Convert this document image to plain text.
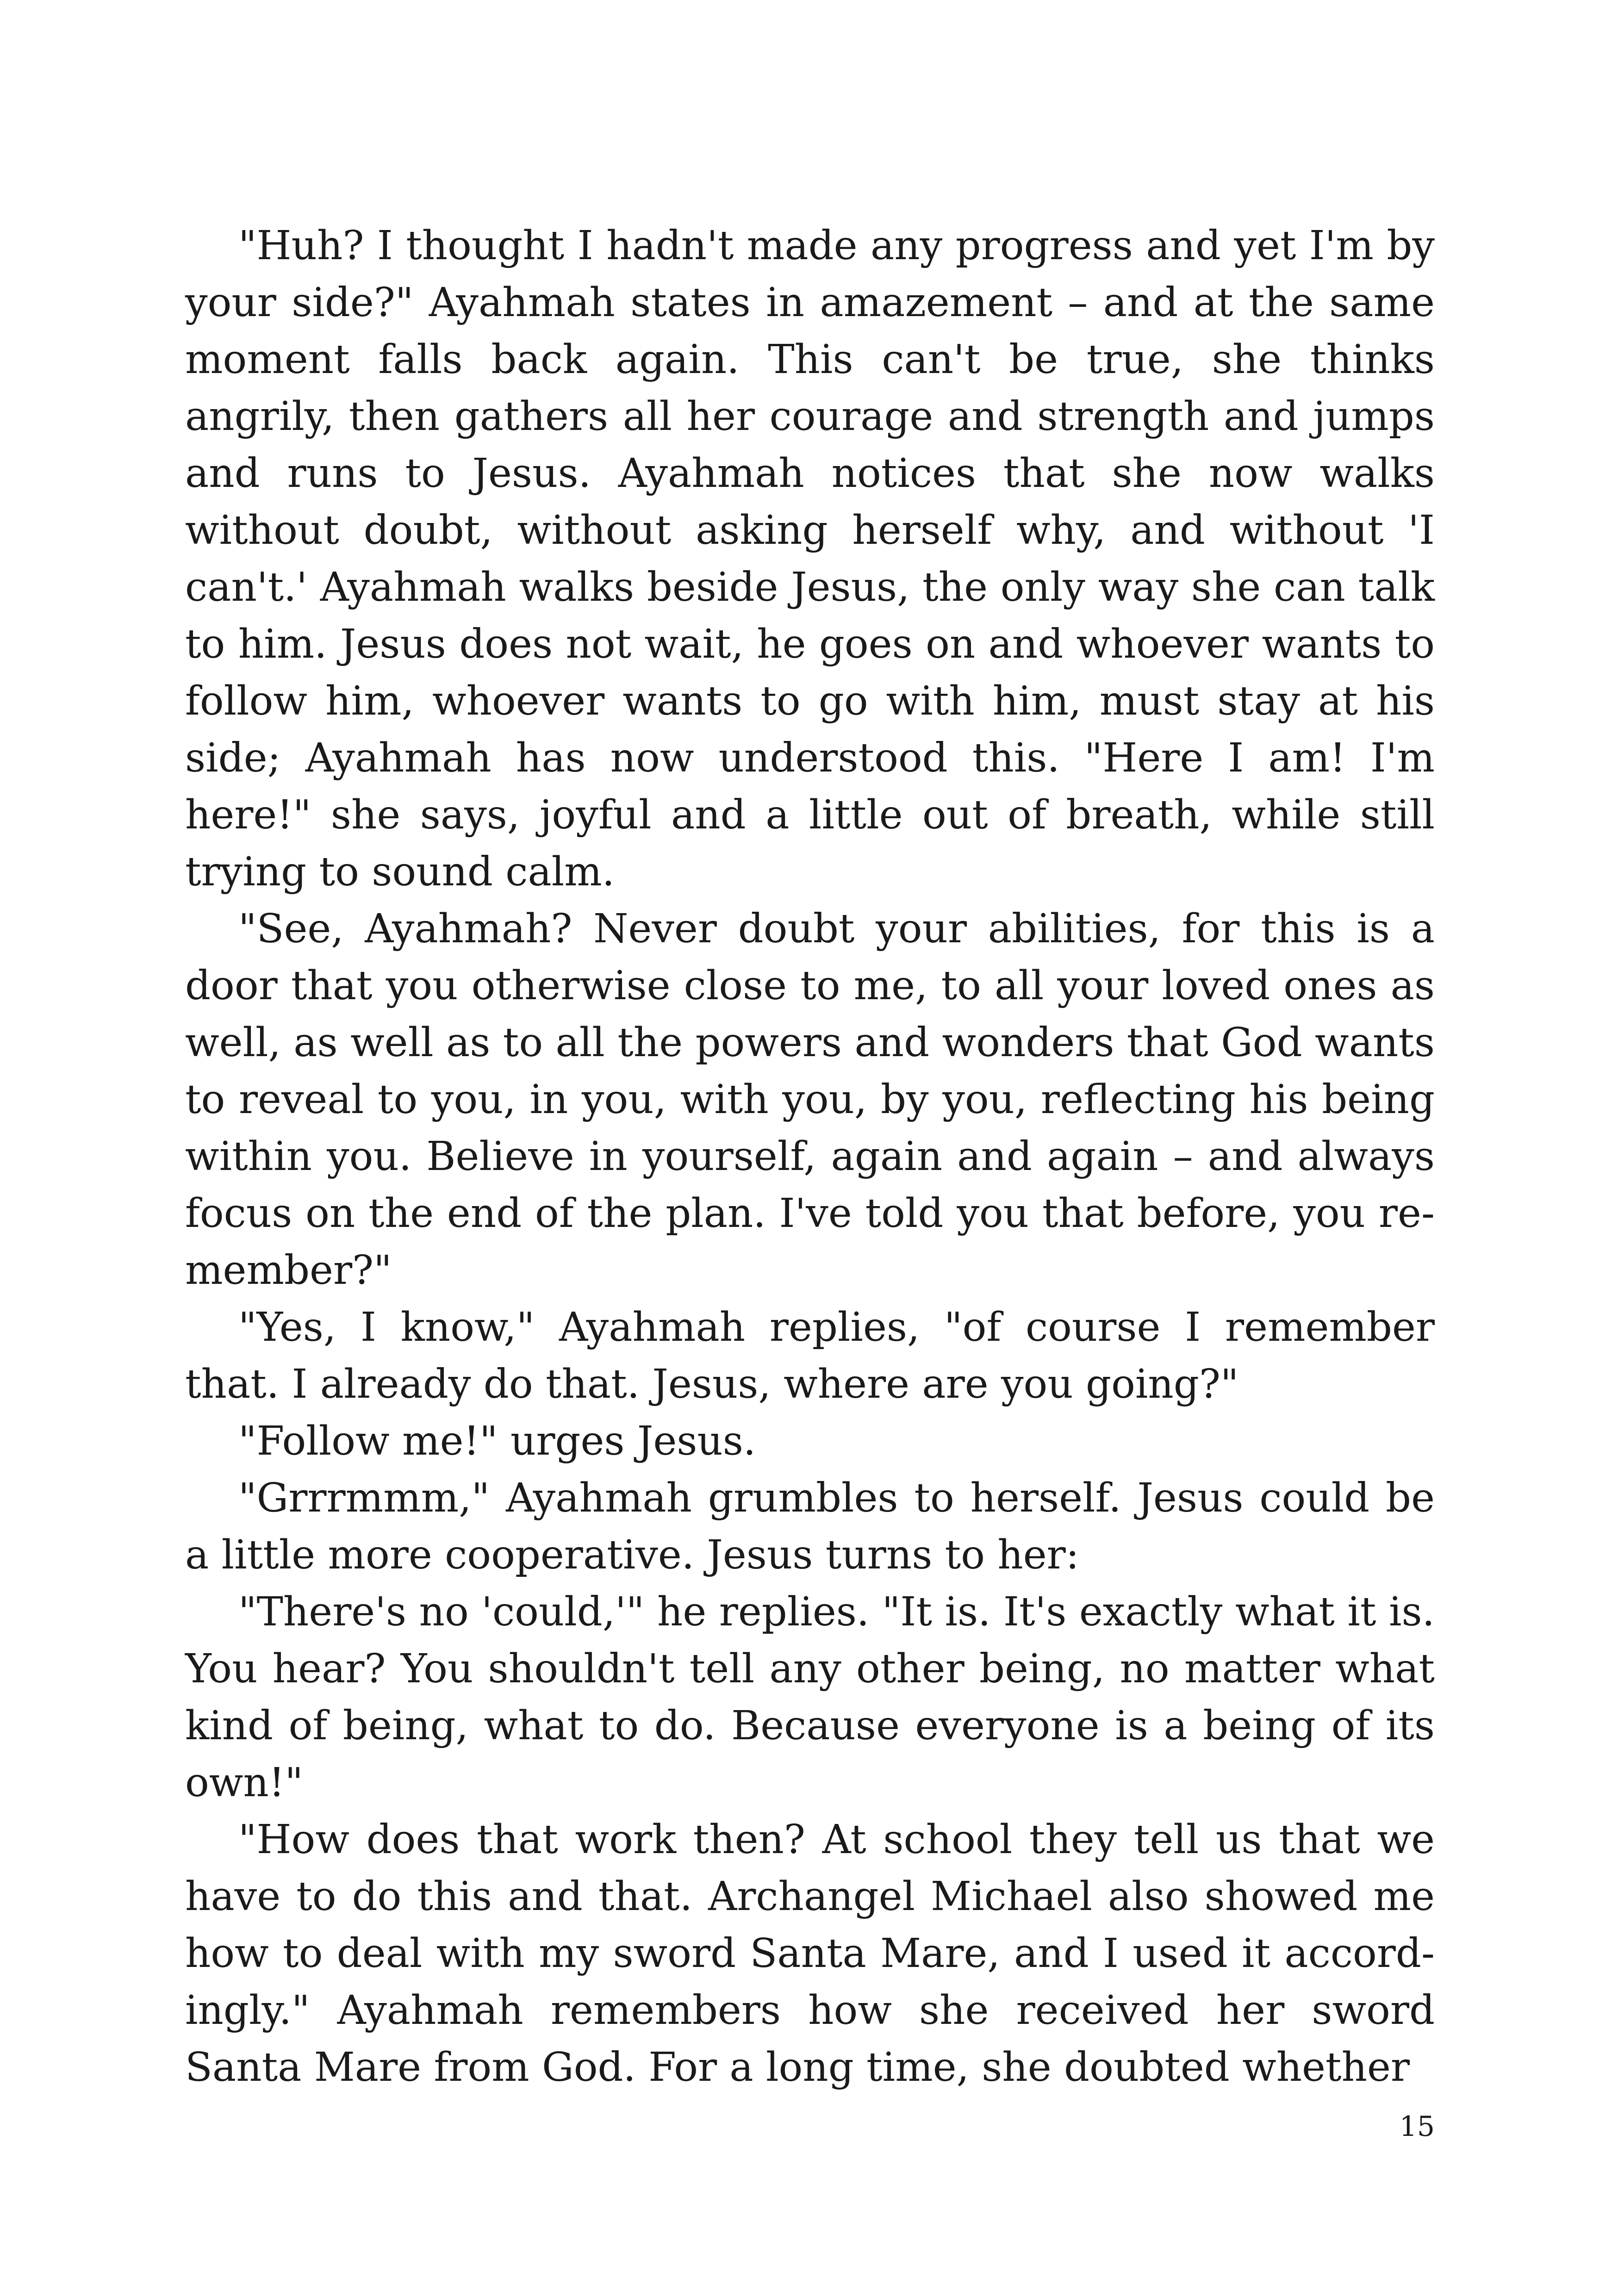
"Huh? I thought I hadn't made any progress and yet I'm by your side?" Ayahmah states in amazement – and at the same moment falls back again. This can't be true, she thinks angrily, then gathers all her courage and strength and jumps and runs to Jesus. Ayahmah notices that she now walks without doubt, without asking herself why, and without 'I can't.' Ayahmah walks beside Jesus, the only way she can talk to him. Jesus does not wait, he goes on and whoever wants to follow him, whoever wants to go with him, must stay at his side; Ayahmah has now understood this. "Here I am! I'm here!" she says, joyful and a little out of breath, while still trying to sound calm.

"See, Ayahmah? Never doubt your abilities, for this is a door that you otherwise close to me, to all your loved ones as well, as well as to all the powers and wonders that God wants to reveal to you, in you, with you, by you, reflecting his being within you. Believe in yourself, again and again – and always focus on the end of the plan. I've told you that before, you remember?"

"Yes, I know," Ayahmah replies, "of course I remember that. I already do that. Jesus, where are you going?"

"Follow me!" urges Jesus.

"Grrrmmm," Ayahmah grumbles to herself. Jesus could be a little more cooperative. Jesus turns to her:

"There's no 'could,'" he replies. "It is. It's exactly what it is. You hear? You shouldn't tell any other being, no matter what kind of being, what to do. Because everyone is a being of its own!"

"How does that work then? At school they tell us that we have to do this and that. Archangel Michael also showed me how to deal with my sword Santa Mare, and I used it accordingly." Ayahmah remembers how she received her sword Santa Mare from God. For a long time, she doubted whether

15
